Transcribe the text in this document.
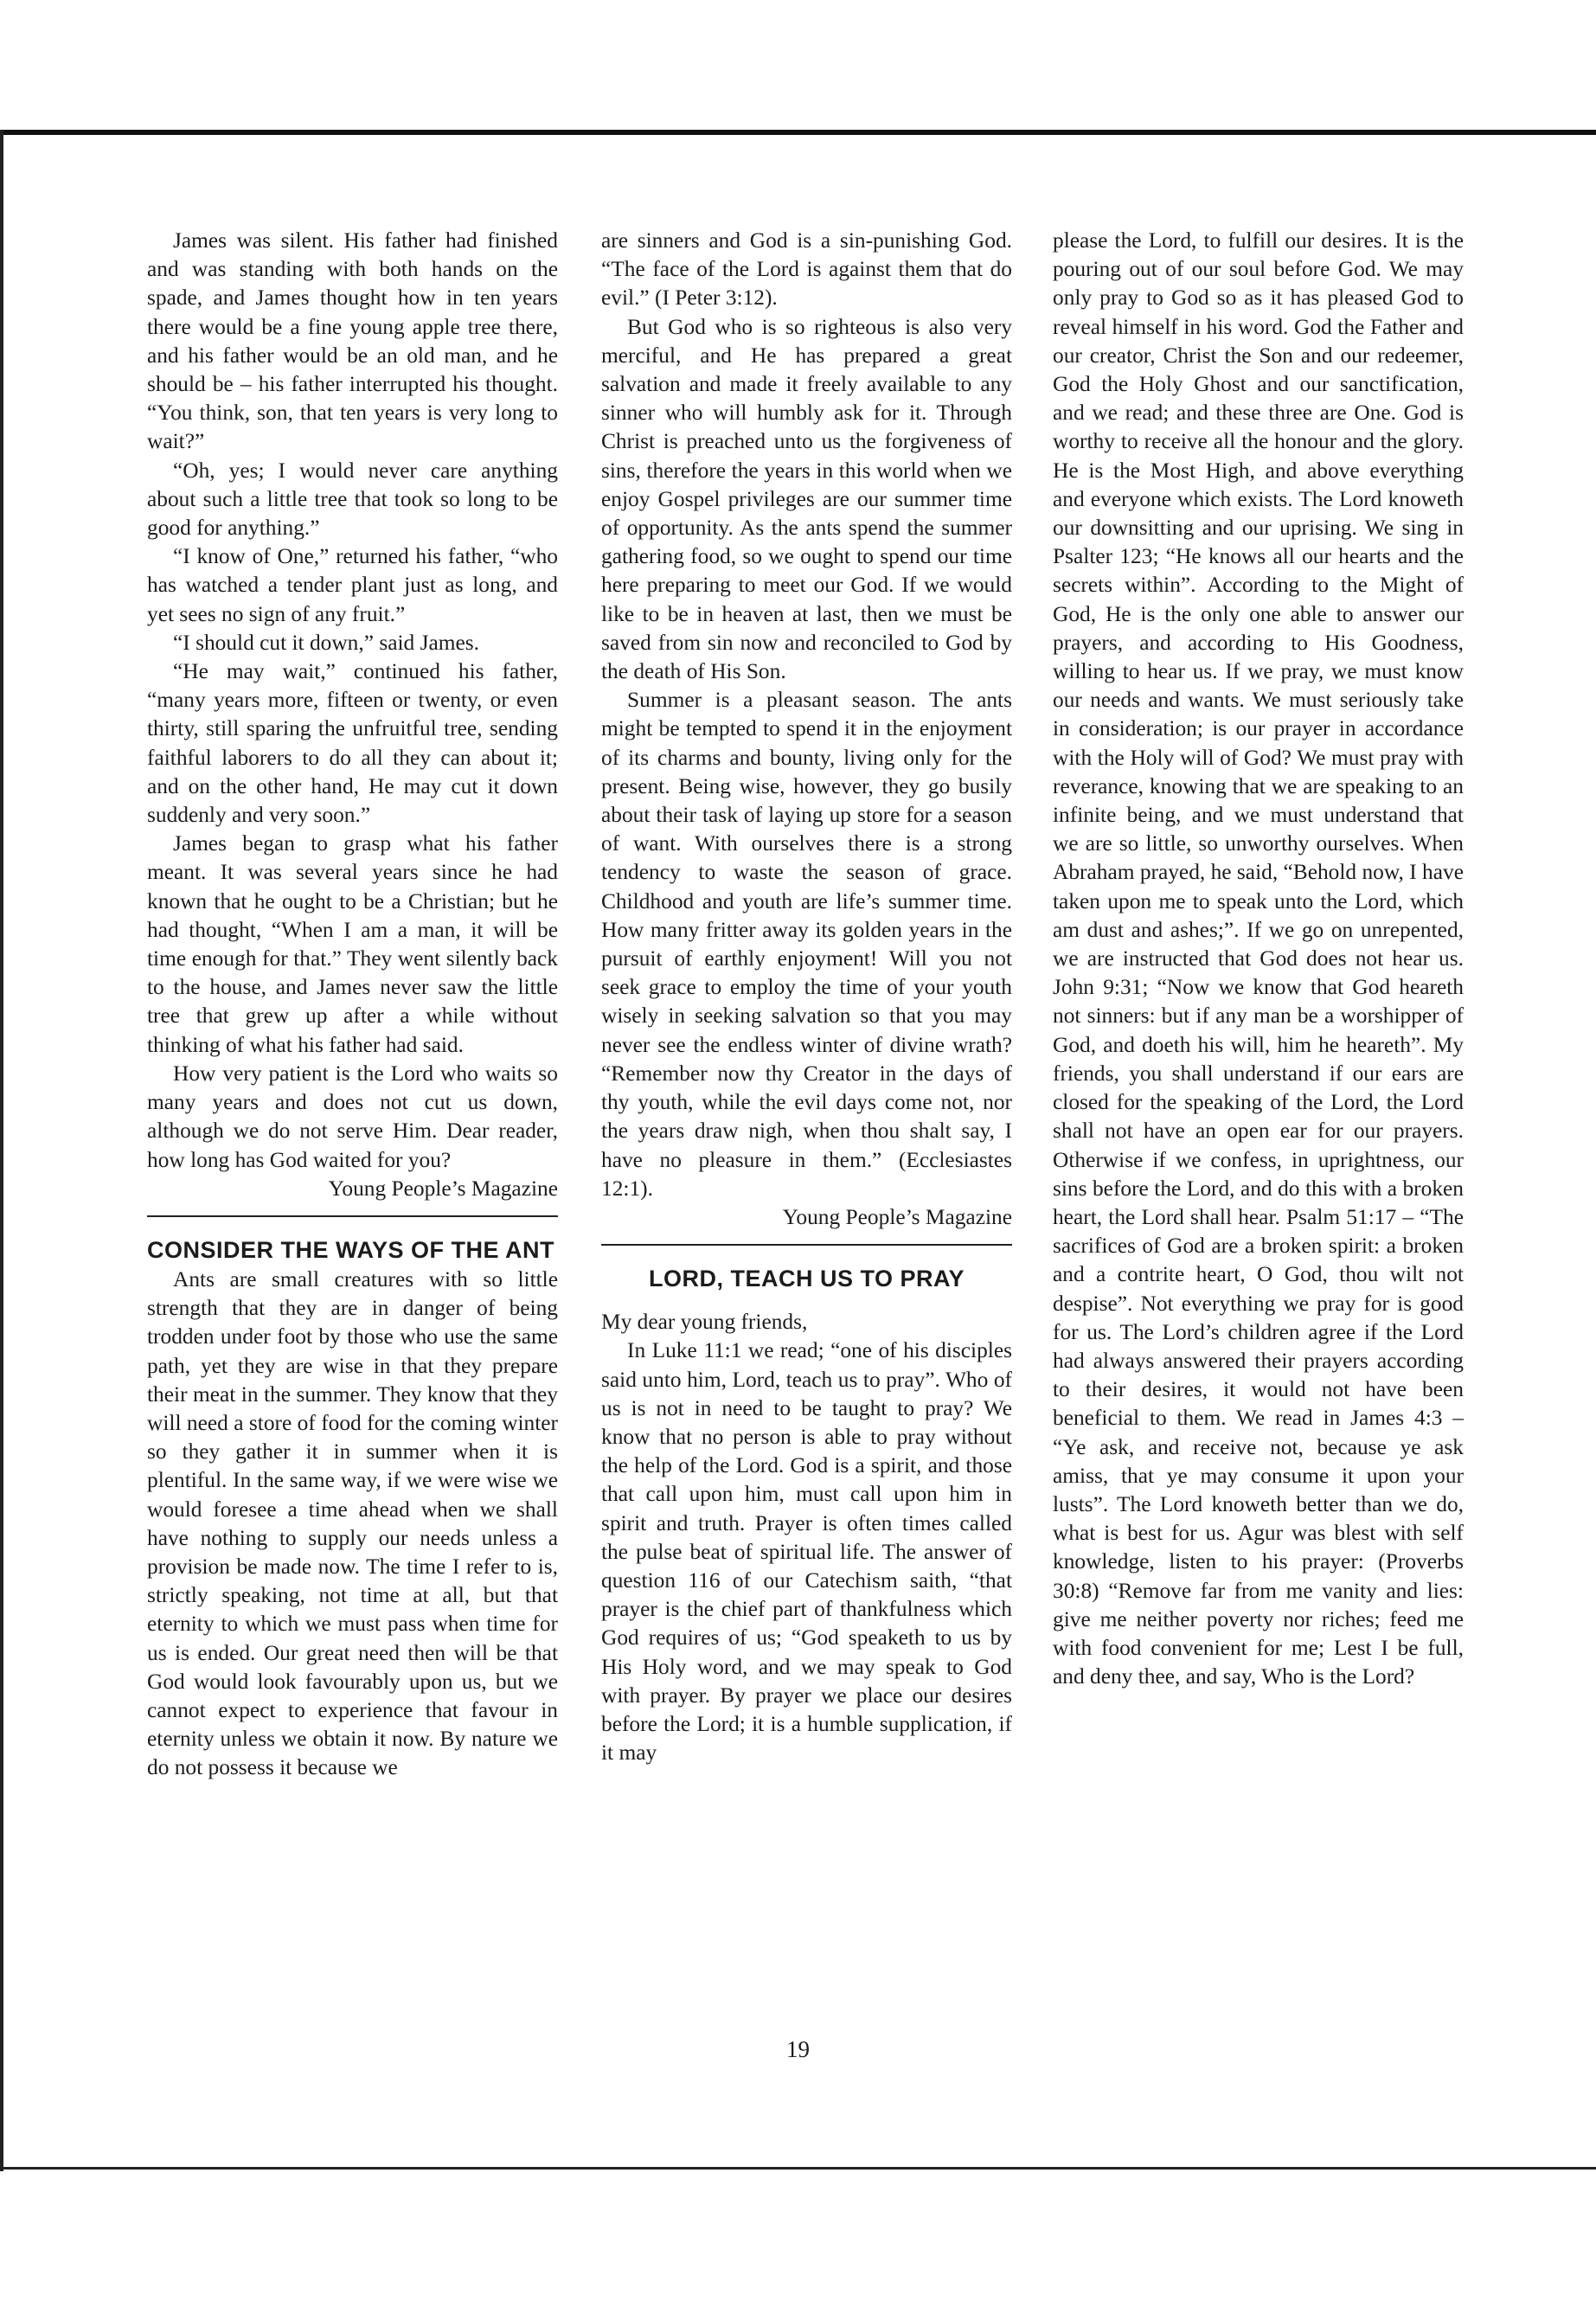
James was silent. His father had finished and was standing with both hands on the spade, and James thought how in ten years there would be a fine young apple tree there, and his father would be an old man, and he should be – his father interrupted his thought. “You think, son, that ten years is very long to wait?”

“Oh, yes; I would never care anything about such a little tree that took so long to be good for anything.”

“I know of One,” returned his father, “who has watched a tender plant just as long, and yet sees no sign of any fruit.”

“I should cut it down,” said James.

“He may wait,” continued his father, “many years more, fifteen or twenty, or even thirty, still sparing the unfruitful tree, sending faithful laborers to do all they can about it; and on the other hand, He may cut it down suddenly and very soon.”

James began to grasp what his father meant. It was several years since he had known that he ought to be a Christian; but he had thought, “When I am a man, it will be time enough for that.” They went silently back to the house, and James never saw the little tree that grew up after a while without thinking of what his father had said.

How very patient is the Lord who waits so many years and does not cut us down, although we do not serve Him. Dear reader, how long has God waited for you?

Young People’s Magazine

CONSIDER THE WAYS OF THE ANT

Ants are small creatures with so little strength that they are in danger of being trodden under foot by those who use the same path, yet they are wise in that they prepare their meat in the summer. They know that they will need a store of food for the coming winter so they gather it in summer when it is plentiful. In the same way, if we were wise we would foresee a time ahead when we shall have nothing to supply our needs unless a provision be made now. The time I refer to is, strictly speaking, not time at all, but that eternity to which we must pass when time for us is ended. Our great need then will be that God would look favourably upon us, but we cannot expect to experience that favour in eternity unless we obtain it now. By nature we do not possess it because we

are sinners and God is a sin-punishing God. “The face of the Lord is against them that do evil.” (I Peter 3:12).

But God who is so righteous is also very merciful, and He has prepared a great salvation and made it freely available to any sinner who will humbly ask for it. Through Christ is preached unto us the forgiveness of sins, therefore the years in this world when we enjoy Gospel privileges are our summer time of opportunity. As the ants spend the summer gathering food, so we ought to spend our time here preparing to meet our God. If we would like to be in heaven at last, then we must be saved from sin now and reconciled to God by the death of His Son.

Summer is a pleasant season. The ants might be tempted to spend it in the enjoyment of its charms and bounty, living only for the present. Being wise, however, they go busily about their task of laying up store for a season of want. With ourselves there is a strong tendency to waste the season of grace. Childhood and youth are life’s summer time. How many fritter away its golden years in the pursuit of earthly enjoyment! Will you not seek grace to employ the time of your youth wisely in seeking salvation so that you may never see the endless winter of divine wrath? “Remember now thy Creator in the days of thy youth, while the evil days come not, nor the years draw nigh, when thou shalt say, I have no pleasure in them.” (Ecclesiastes 12:1).

Young People’s Magazine

LORD, TEACH US TO PRAY

My dear young friends,

In Luke 11:1 we read; “one of his disciples said unto him, Lord, teach us to pray”. Who of us is not in need to be taught to pray? We know that no person is able to pray without the help of the Lord. God is a spirit, and those that call upon him, must call upon him in spirit and truth. Prayer is often times called the pulse beat of spiritual life. The answer of question 116 of our Catechism saith, “that prayer is the chief part of thankfulness which God requires of us; “God speaketh to us by His Holy word, and we may speak to God with prayer. By prayer we place our desires before the Lord; it is a humble supplication, if it may

please the Lord, to fulfill our desires. It is the pouring out of our soul before God. We may only pray to God so as it has pleased God to reveal himself in his word. God the Father and our creator, Christ the Son and our redeemer, God the Holy Ghost and our sanctification, and we read; and these three are One. God is worthy to receive all the honour and the glory. He is the Most High, and above everything and everyone which exists. The Lord knoweth our downsitting and our uprising. We sing in Psalter 123; “He knows all our hearts and the secrets within”. According to the Might of God, He is the only one able to answer our prayers, and according to His Goodness, willing to hear us. If we pray, we must know our needs and wants. We must seriously take in consideration; is our prayer in accordance with the Holy will of God? We must pray with reverance, knowing that we are speaking to an infinite being, and we must understand that we are so little, so unworthy ourselves. When Abraham prayed, he said, “Behold now, I have taken upon me to speak unto the Lord, which am dust and ashes;”. If we go on unrepented, we are instructed that God does not hear us. John 9:31; “Now we know that God heareth not sinners: but if any man be a worshipper of God, and doeth his will, him he heareth”. My friends, you shall understand if our ears are closed for the speaking of the Lord, the Lord shall not have an open ear for our prayers. Otherwise if we confess, in uprightness, our sins before the Lord, and do this with a broken heart, the Lord shall hear. Psalm 51:17 – “The sacrifices of God are a broken spirit: a broken and a contrite heart, O God, thou wilt not despise”. Not everything we pray for is good for us. The Lord’s children agree if the Lord had always answered their prayers according to their desires, it would not have been beneficial to them. We read in James 4:3 – “Ye ask, and receive not, because ye ask amiss, that ye may consume it upon your lusts”. The Lord knoweth better than we do, what is best for us. Agur was blest with self knowledge, listen to his prayer: (Proverbs 30:8) “Remove far from me vanity and lies: give me neither poverty nor riches; feed me with food convenient for me; Lest I be full, and deny thee, and say, Who is the Lord?

19
